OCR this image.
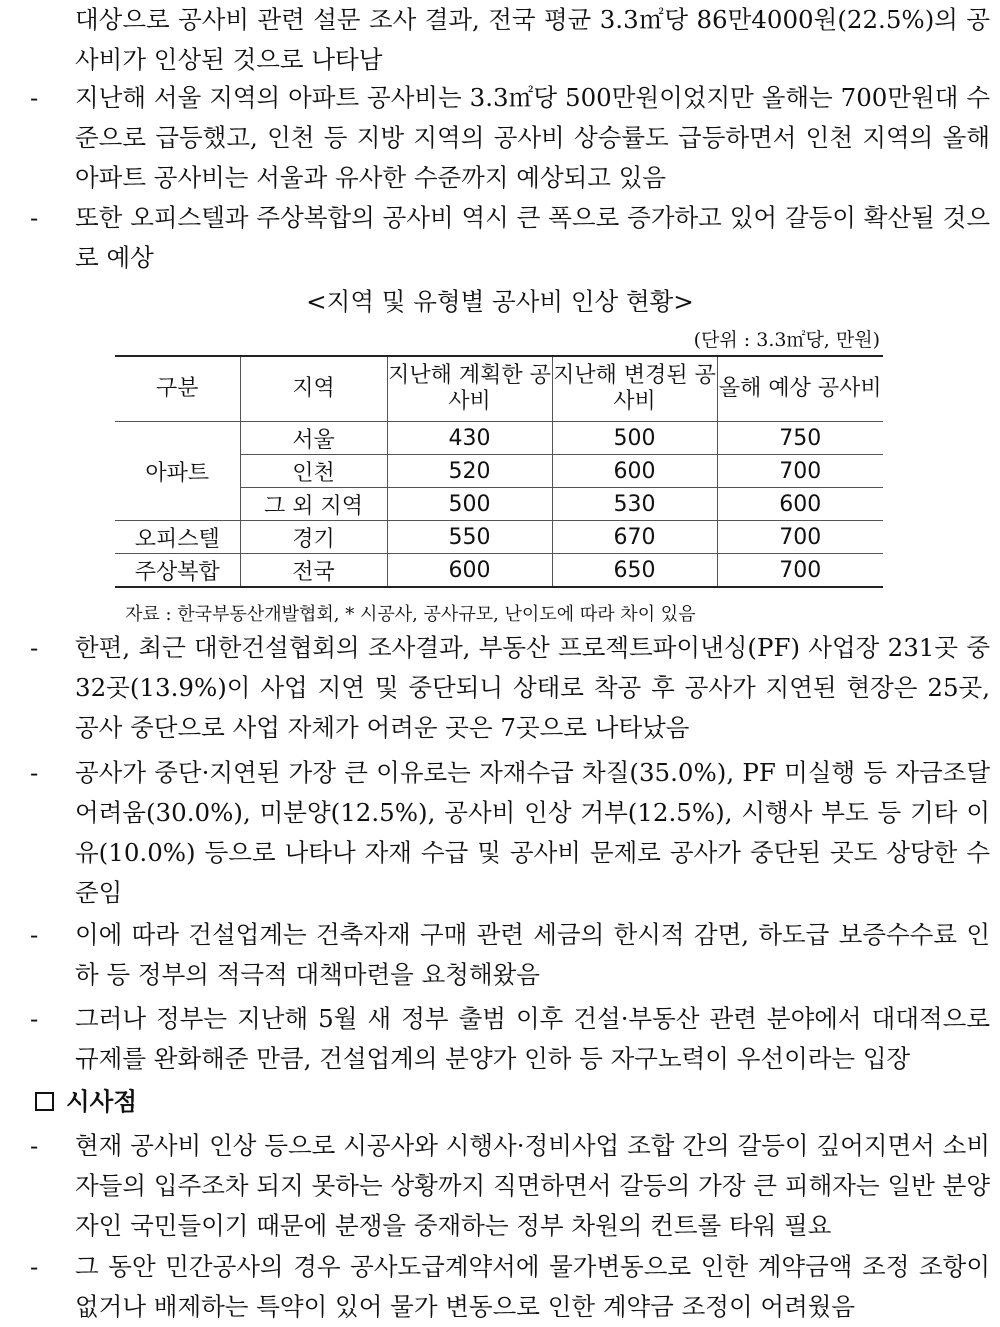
대상으로 공사비 관련 설문 조사 결과, 전국 평균 3.3㎡당 86만4000원(22.5%)의 공사비가 인상된 것으로 나타남
-	지난해 서울 지역의 아파트 공사비는 3.3㎡당 500만원이었지만 올해는 700만원대 수준으로 급등했고, 인천 등 지방 지역의 공사비 상승률도 급등하면서 인천 지역의 올해 아파트 공사비는 서울과 유사한 수준까지 예상되고 있음
-	또한 오피스텔과 주상복합의 공사비 역시 큰 폭으로 증가하고 있어 갈등이 확산될 것으로 예상
<지역 및 유형별 공사비 인상 현황>
(단위 : 3.3㎡당, 만원)
구분	지역	지난해 계획한 공사비	지난해 변경된 공사비	올해 예상 공사비
아파트	서울	430	500	750
	인천	520	600	700
	그 외 지역	500	530	600
오피스텔	경기	550	670	700
주상복합	전국	600	650	700
자료 : 한국부동산개발협회, * 시공사, 공사규모, 난이도에 따라 차이 있음
-	한편, 최근 대한건설협회의 조사결과, 부동산 프로젝트파이낸싱(PF) 사업장 231곳 중 32곳(13.9%)이 사업 지연 및 중단되니 상태로 착공 후 공사가 지연된 현장은 25곳, 공사 중단으로 사업 자체가 어려운 곳은 7곳으로 나타났음
-	공사가 중단·지연된 가장 큰 이유로는 자재수급 차질(35.0%), PF 미실행 등 자금조달 어려움(30.0%), 미분양(12.5%), 공사비 인상 거부(12.5%), 시행사 부도 등 기타 이유(10.0%) 등으로 나타나 자재 수급 및 공사비 문제로 공사가 중단된 곳도 상당한 수준임
-	이에 따라 건설업계는 건축자재 구매 관련 세금의 한시적 감면, 하도급 보증수수료 인하 등 정부의 적극적 대책마련을 요청해왔음
-	그러나 정부는 지난해 5월 새 정부 출범 이후 건설·부동산 관련 분야에서 대대적으로 규제를 완화해준 만큼, 건설업계의 분양가 인하 등 자구노력이 우선이라는 입장
시사점
-	현재 공사비 인상 등으로 시공사와 시행사·정비사업 조합 간의 갈등이 깊어지면서 소비자들의 입주조차 되지 못하는 상황까지 직면하면서 갈등의 가장 큰 피해자는 일반 분양자인 국민들이기 때문에 분쟁을 중재하는 정부 차원의 컨트롤 타워 필요
-	그 동안 민간공사의 경우 공사도급계약서에 물가변동으로 인한 계약금액 조정 조항이 없거나 배제하는 특약이 있어 물가 변동으로 인한 계약금 조정이 어려웠음
